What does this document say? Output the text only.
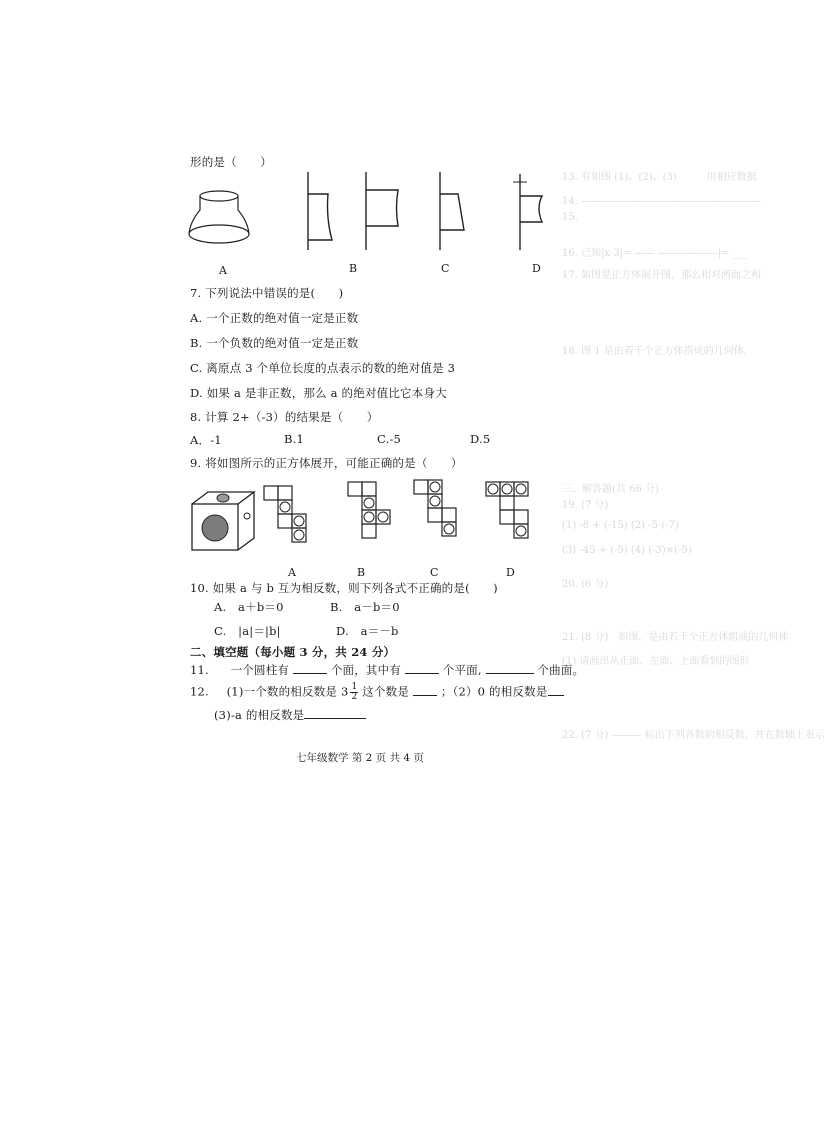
13. 有如图 (1)、(2)、(3)　　　用相应数据
14. ——————————————————
15.
16. 已知|x-3|= —— ——————|= ___
17. 如图是正方体展开图，那么相对两面之和
18. 图 1 是由若干个正方体搭成的几何体，
三、解答题(共 66 分)
19. (7 分)
(1) -8 + (-15) (2) -5-(-7)
(3) -45 + (-5) (4) (-3)×(-5)
20. (6 分)
21. (8 分)　如图，是由若干个正方体组成的几何体
(1) 请画出从正面、左面、上面看到的图形
22. (7 分) ——— 标出下列各数的相反数，并在数轴上表示
形的是（　　）
A	B	C	D
7. 下列说法中错误的是(　　)
A. 一个正数的绝对值一定是正数
B. 一个负数的绝对值一定是正数
C. 离原点 3 个单位长度的点表示的数的绝对值是 3
D. 如果 a 是非正数，那么 a 的绝对值比它本身大
8. 计算 2+（-3）的结果是（　　）
A．-1	B.1	C.-5	D.5
9. 将如图所示的正方体展开，可能正确的是（　　）
A	B	C	D
10. 如果 a 与 b 互为相反数，则下列各式不正确的是(　　)
A.　a＋b＝0	B.　a－b＝0
C.　|a|＝|b|	D.　a＝－b
二、填空题（每小题 3 分，共 24 分）
11. 一个圆柱有	个面，其中有	个平面,	个曲面。
12. (1)一个数的相反数是 $3 \frac{1}{2}$ 这个数是	；（2）0 的相反数是
(3)-a 的相反数是
七年级数学 第 2 页 共 4 页
